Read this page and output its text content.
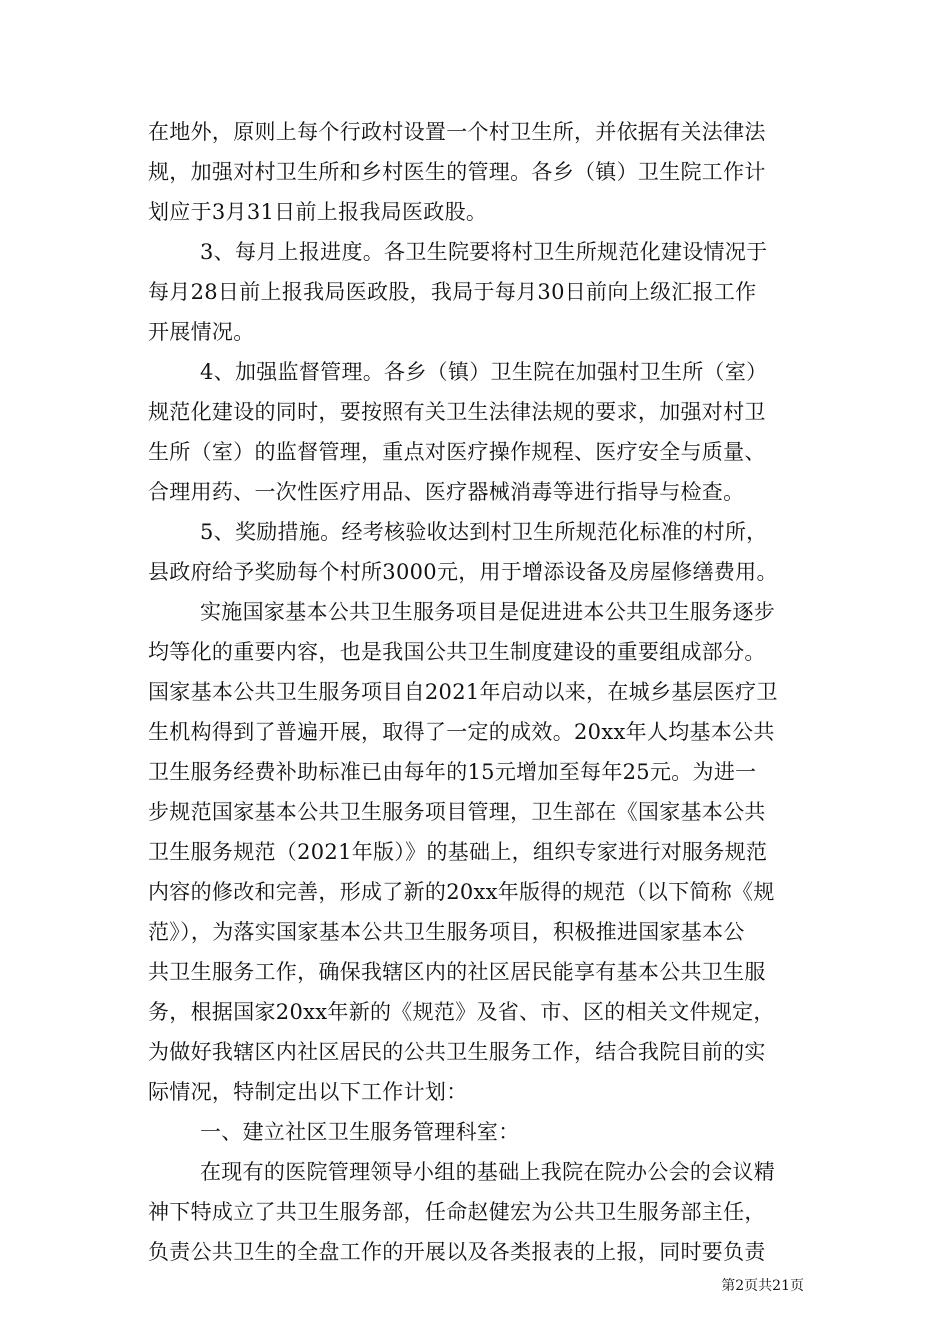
在地外，原则上每个行政村设置一个村卫生所，并依据有关法律法
规，加强对村卫生所和乡村医生的管理。各乡（镇）卫生院工作计
划应于3月31日前上报我局医政股。
3、每月上报进度。各卫生院要将村卫生所规范化建设情况于
每月28日前上报我局医政股，我局于每月30日前向上级汇报工作
开展情况。
4、加强监督管理。各乡（镇）卫生院在加强村卫生所（室）
规范化建设的同时，要按照有关卫生法律法规的要求，加强对村卫
生所（室）的监督管理，重点对医疗操作规程、医疗安全与质量、
合理用药、一次性医疗用品、医疗器械消毒等进行指导与检查。
5、奖励措施。经考核验收达到村卫生所规范化标准的村所，
县政府给予奖励每个村所3000元，用于增添设备及房屋修缮费用。
实施国家基本公共卫生服务项目是促进进本公共卫生服务逐步
均等化的重要内容，也是我国公共卫生制度建设的重要组成部分。
国家基本公共卫生服务项目自2021年启动以来，在城乡基层医疗卫
生机构得到了普遍开展，取得了一定的成效。20xx年人均基本公共
卫生服务经费补助标准已由每年的15元增加至每年25元。为进一
步规范国家基本公共卫生服务项目管理，卫生部在《国家基本公共
卫生服务规范（2021年版）》的基础上，组织专家进行对服务规范
内容的修改和完善，形成了新的20xx年版得的规范（以下简称《规
范》），为落实国家基本公共卫生服务项目，积极推进国家基本公
共卫生服务工作，确保我辖区内的社区居民能享有基本公共卫生服
务，根据国家20xx年新的《规范》及省、市、区的相关文件规定，
为做好我辖区内社区居民的公共卫生服务工作，结合我院目前的实
际情况，特制定出以下工作计划：
一、建立社区卫生服务管理科室：
在现有的医院管理领导小组的基础上我院在院办公会的会议精
神下特成立了共卫生服务部，任命赵健宏为公共卫生服务部主任，
负责公共卫生的全盘工作的开展以及各类报表的上报，同时要负责
第2页共21页
